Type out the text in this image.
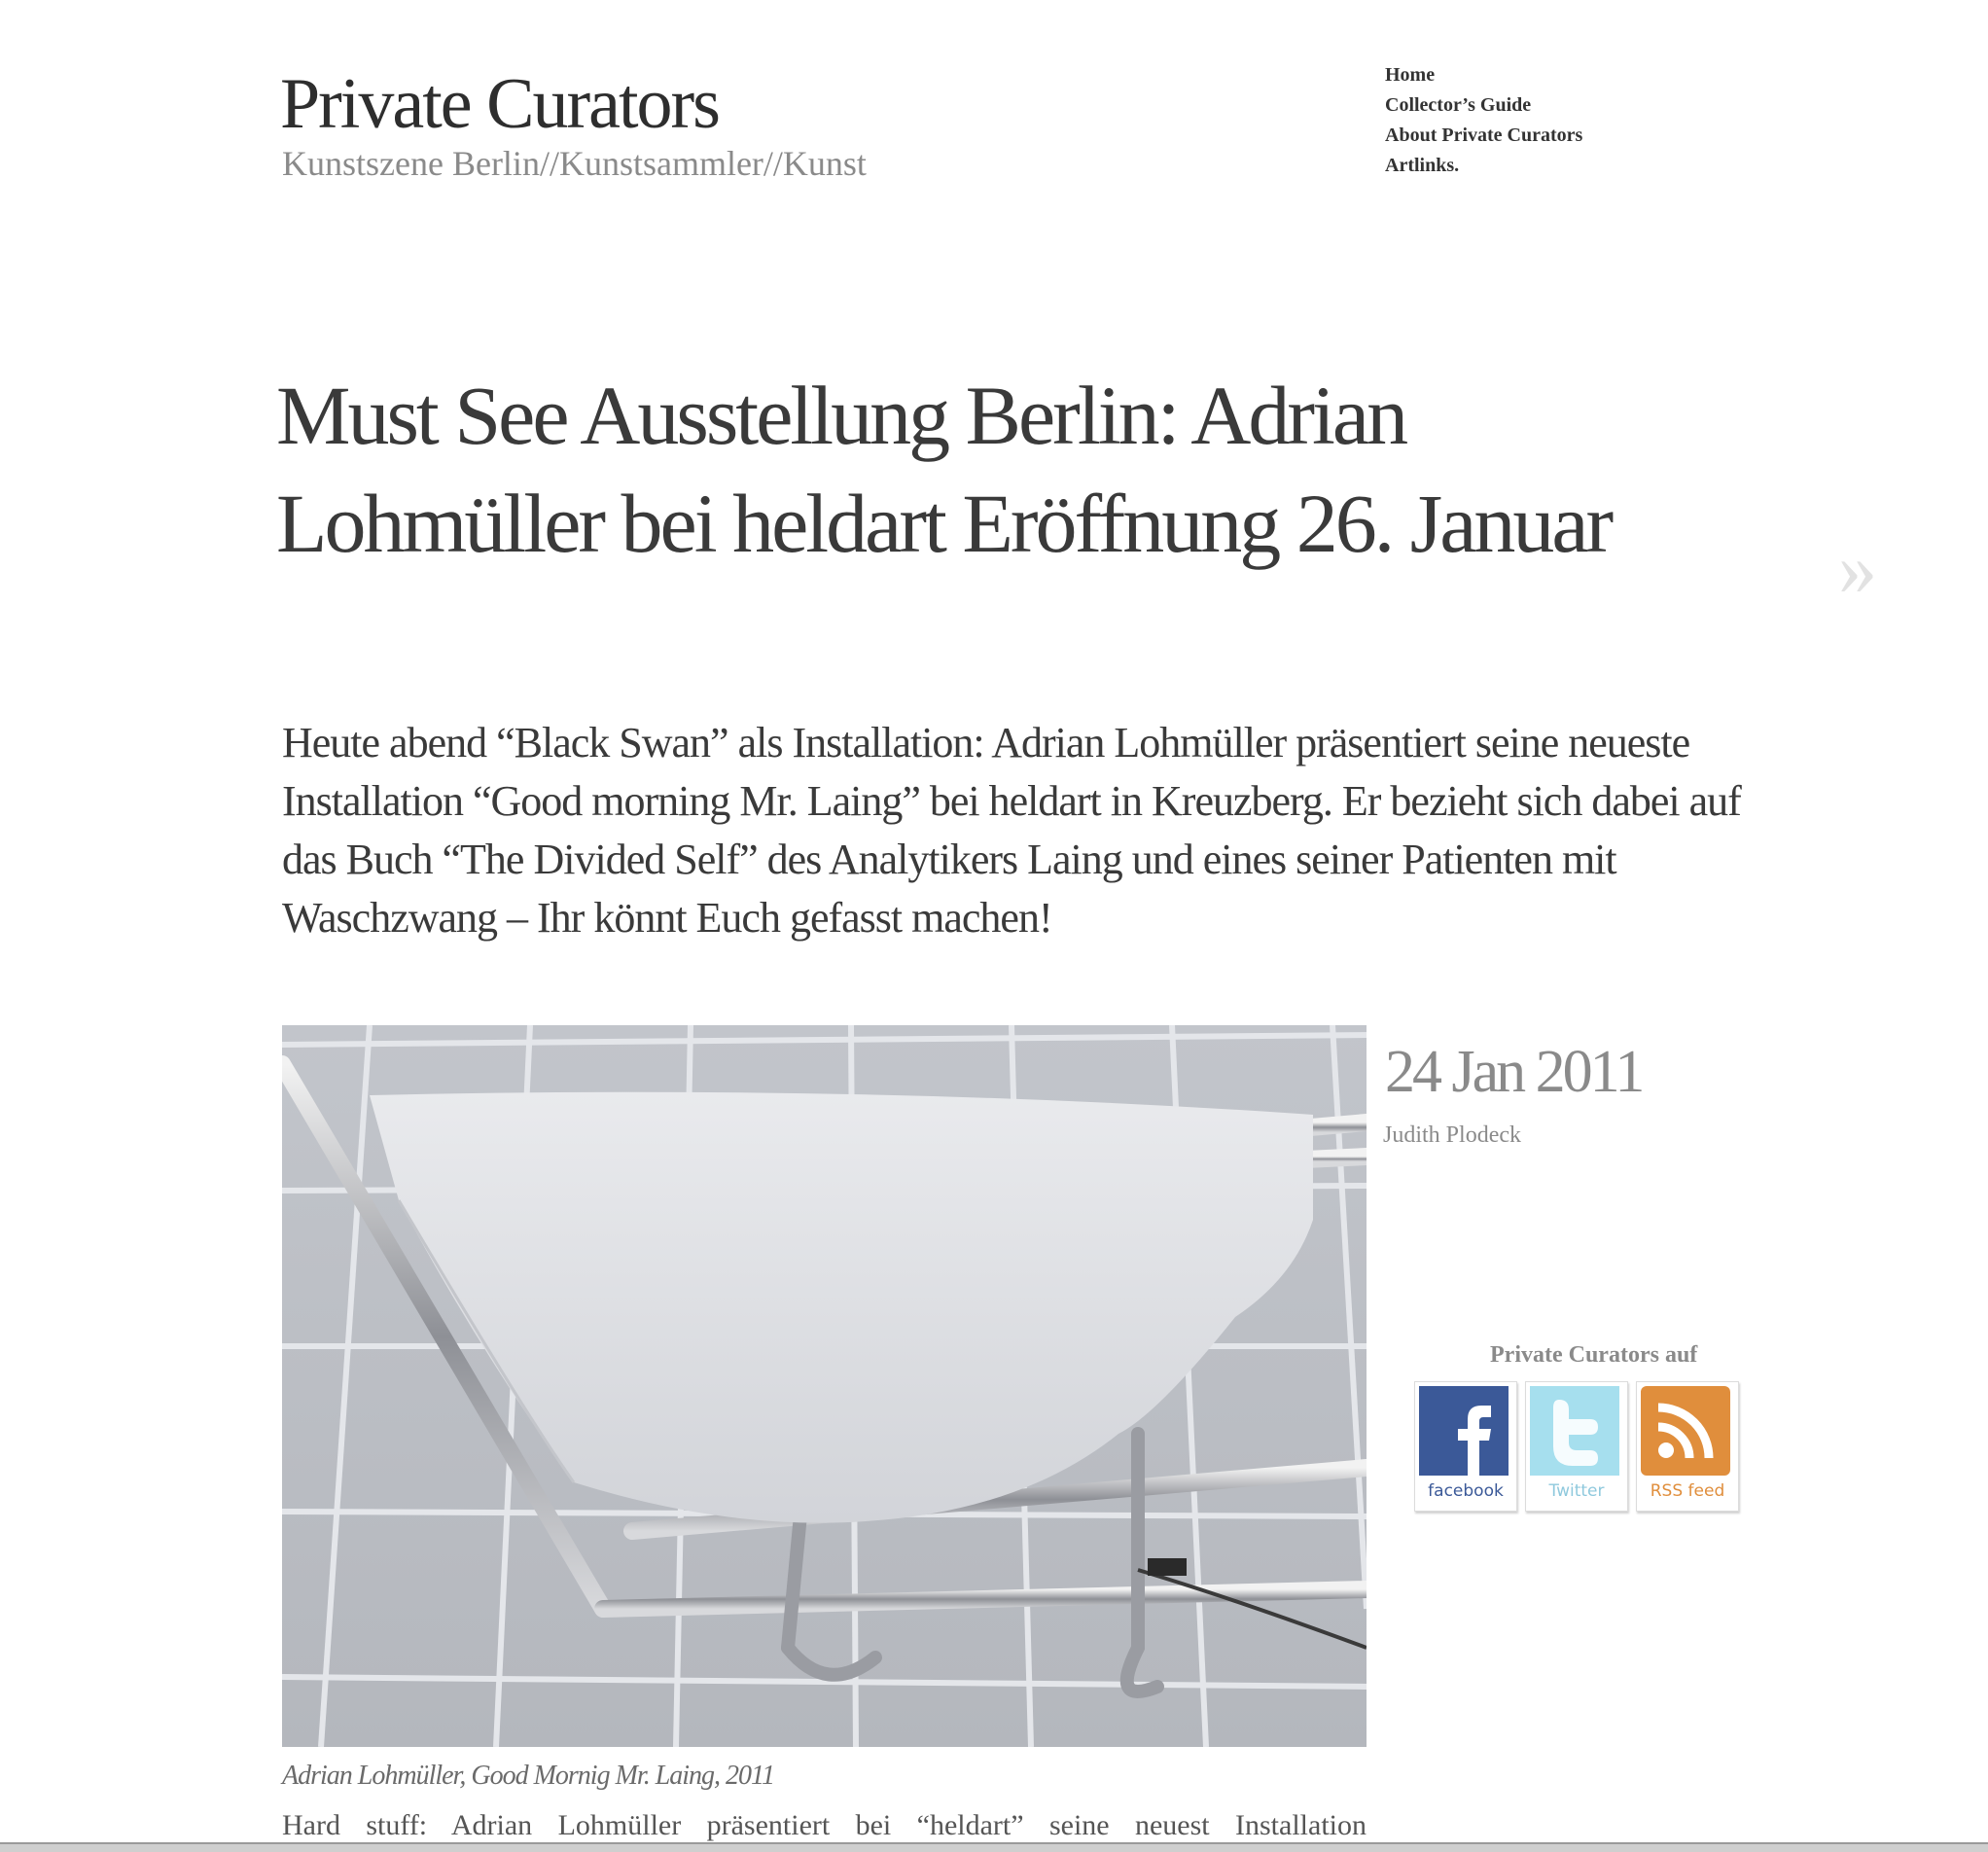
Private Curators
Kunstszene Berlin//Kunstsammler//Kunst
Home
Collector’s Guide
About Private Curators
Artlinks.
Must See Ausstellung Berlin: Adrian Lohmüller bei heldart Eröffnung 26. Januar	»

Heute abend “Black Swan” als Installation: Adrian Lohmüller präsentiert seine neueste Installation “Good morning Mr. Laing” bei heldart in Kreuzberg. Er bezieht sich dabei auf das Buch “The Divided Self” des Analytikers Laing und eines seiner Patienten mit Waschzwang – Ihr könnt Euch gefasst machen!

24 Jan 2011
Judith Plodeck
Private Curators auf
facebook	Twitter	RSS feed
Adrian Lohmüller, Good Mornig Mr. Laing, 2011
Hard stuff: Adrian Lohmüller präsentiert bei “heldart” seine neuest Installation
